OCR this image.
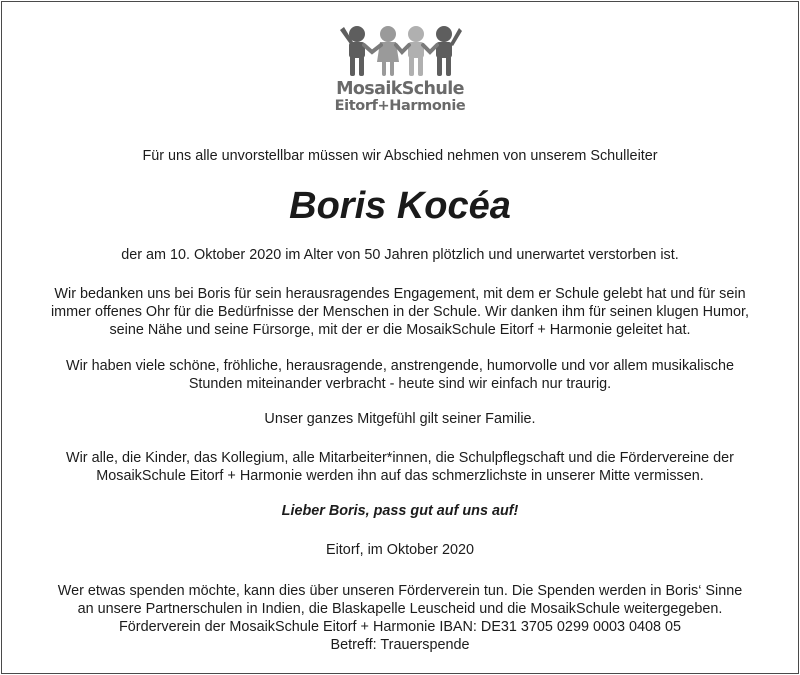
MosaikSchule
Eitorf+Harmonie
Für uns alle unvorstellbar müssen wir Abschied nehmen von unserem Schulleiter
Boris Kocéa
der am 10. Oktober 2020 im Alter von 50 Jahren plötzlich und unerwartet verstorben ist.
Wir bedanken uns bei Boris für sein herausragendes Engagement, mit dem er Schule gelebt hat und für sein
immer offenes Ohr für die Bedürfnisse der Menschen in der Schule. Wir danken ihm für seinen klugen Humor,
seine Nähe und seine Fürsorge, mit der er die MosaikSchule Eitorf + Harmonie geleitet hat.
Wir haben viele schöne, fröhliche, herausragende, anstrengende, humorvolle und vor allem musikalische
Stunden miteinander verbracht - heute sind wir einfach nur traurig.
Unser ganzes Mitgefühl gilt seiner Familie.
Wir alle, die Kinder, das Kollegium, alle Mitarbeiter*innen, die Schulpflegschaft und die Fördervereine der
MosaikSchule Eitorf + Harmonie werden ihn auf das schmerzlichste in unserer Mitte vermissen.
Lieber Boris, pass gut auf uns auf!
Eitorf, im Oktober 2020
Wer etwas spenden möchte, kann dies über unseren Förderverein tun. Die Spenden werden in Boris‘ Sinne
an unsere Partnerschulen in Indien, die Blaskapelle Leuscheid und die MosaikSchule weitergegeben.
Förderverein der MosaikSchule Eitorf + Harmonie IBAN: DE31 3705 0299 0003 0408 05
Betreff: Trauerspende
